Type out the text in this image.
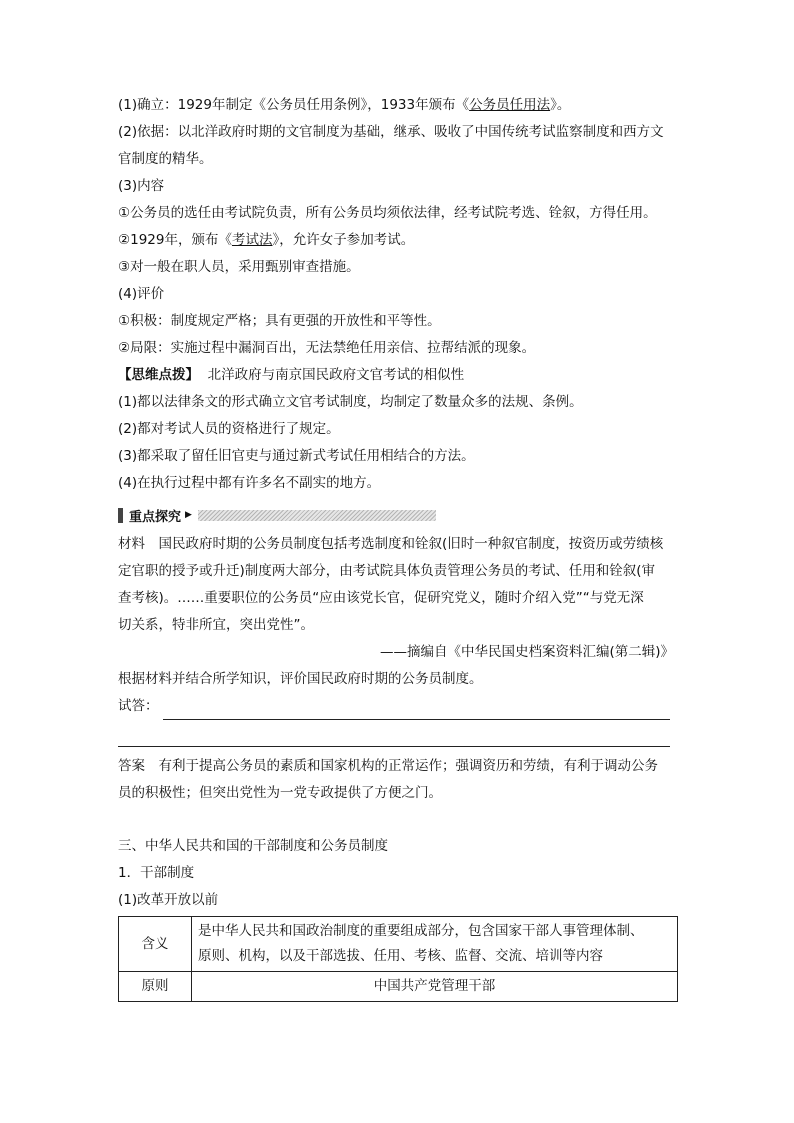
(1)确立：1929年制定《公务员任用条例》，1933年颁布《公务员任用法》。
(2)依据：以北洋政府时期的文官制度为基础，继承、吸收了中国传统考试监察制度和西方文
官制度的精华。
(3)内容
①公务员的选任由考试院负责，所有公务员均须依法律，经考试院考选、铨叙，方得任用。
②1929年，颁布《考试法》，允许女子参加考试。
③对一般在职人员，采用甄别审查措施。
(4)评价
①积极：制度规定严格；具有更强的开放性和平等性。
②局限：实施过程中漏洞百出，无法禁绝任用亲信、拉帮结派的现象。
【思维点拨】 北洋政府与南京国民政府文官考试的相似性
(1)都以法律条文的形式确立文官考试制度，均制定了数量众多的法规、条例。
(2)都对考试人员的资格进行了规定。
(3)都采取了留任旧官吏与通过新式考试任用相结合的方法。
(4)在执行过程中都有许多名不副实的地方。
重点探究 ▶
材料　国民政府时期的公务员制度包括考选制度和铨叙(旧时一种叙官制度，按资历或劳绩核
定官职的授予或升迁)制度两大部分，由考试院具体负责管理公务员的考试、任用和铨叙(审
查考核)。……重要职位的公务员“应由该党长官，促研究党义，随时介绍入党”“与党无深
切关系，特非所宜，突出党性”。
——摘编自《中华民国史档案资料汇编(第二辑)》
根据材料并结合所学知识，评价国民政府时期的公务员制度。
试答：
答案　有利于提高公务员的素质和国家机构的正常运作；强调资历和劳绩，有利于调动公务
员的积极性；但突出党性为一党专政提供了方便之门。
三、中华人民共和国的干部制度和公务员制度
1．干部制度
(1)改革开放以前
含义	是中华人民共和国政治制度的重要组成部分，包含国家干部人事管理体制、
原则、机构，以及干部选拔、任用、考核、监督、交流、培训等内容

原则	中国共产党管理干部
